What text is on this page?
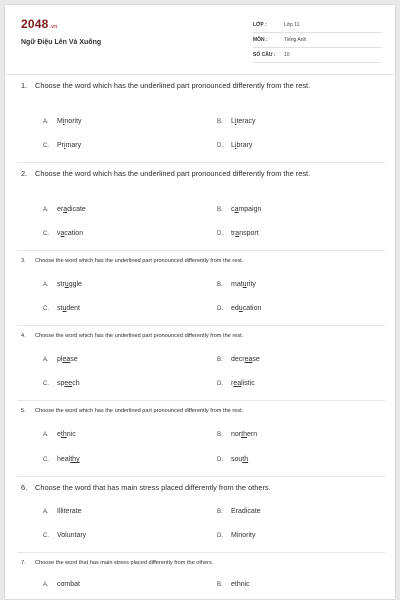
2048.vn
Ngữ Điệu Lên Và Xuống
LỚP :	Lớp 11
MÔN :	Tiếng Anh
SỐ CÂU : 10
1. Choose the word which has the underlined part pronounced differently from the rest.
A. Minority	B. Literacy
C. Primary	D. Library
2. Choose the word which has the underlined part pronounced differently from the rest.
A. eradicate	B. campaign
C. vacation	D. transport
3. Choose the word which has the underlined part pronounced differently from the rest.
A. struggle	B. maturity
C. student	D. education
4. Choose the word which has the underlined part pronounced differently from the rest.
A. please	B. decrease
C. speech	D. realistic
5. Choose the word which has the underlined part pronounced differently from the rest.
A. ethnic	B. northern
C. healthy	D. south
6. Choose the word that has main stress placed differently from the others.
A. Illiterate	B. Eradicate
C. Voluntary	D. Minority
7. Choose the word that has main stress placed differently from the others.
A. combat	B. ethnic
